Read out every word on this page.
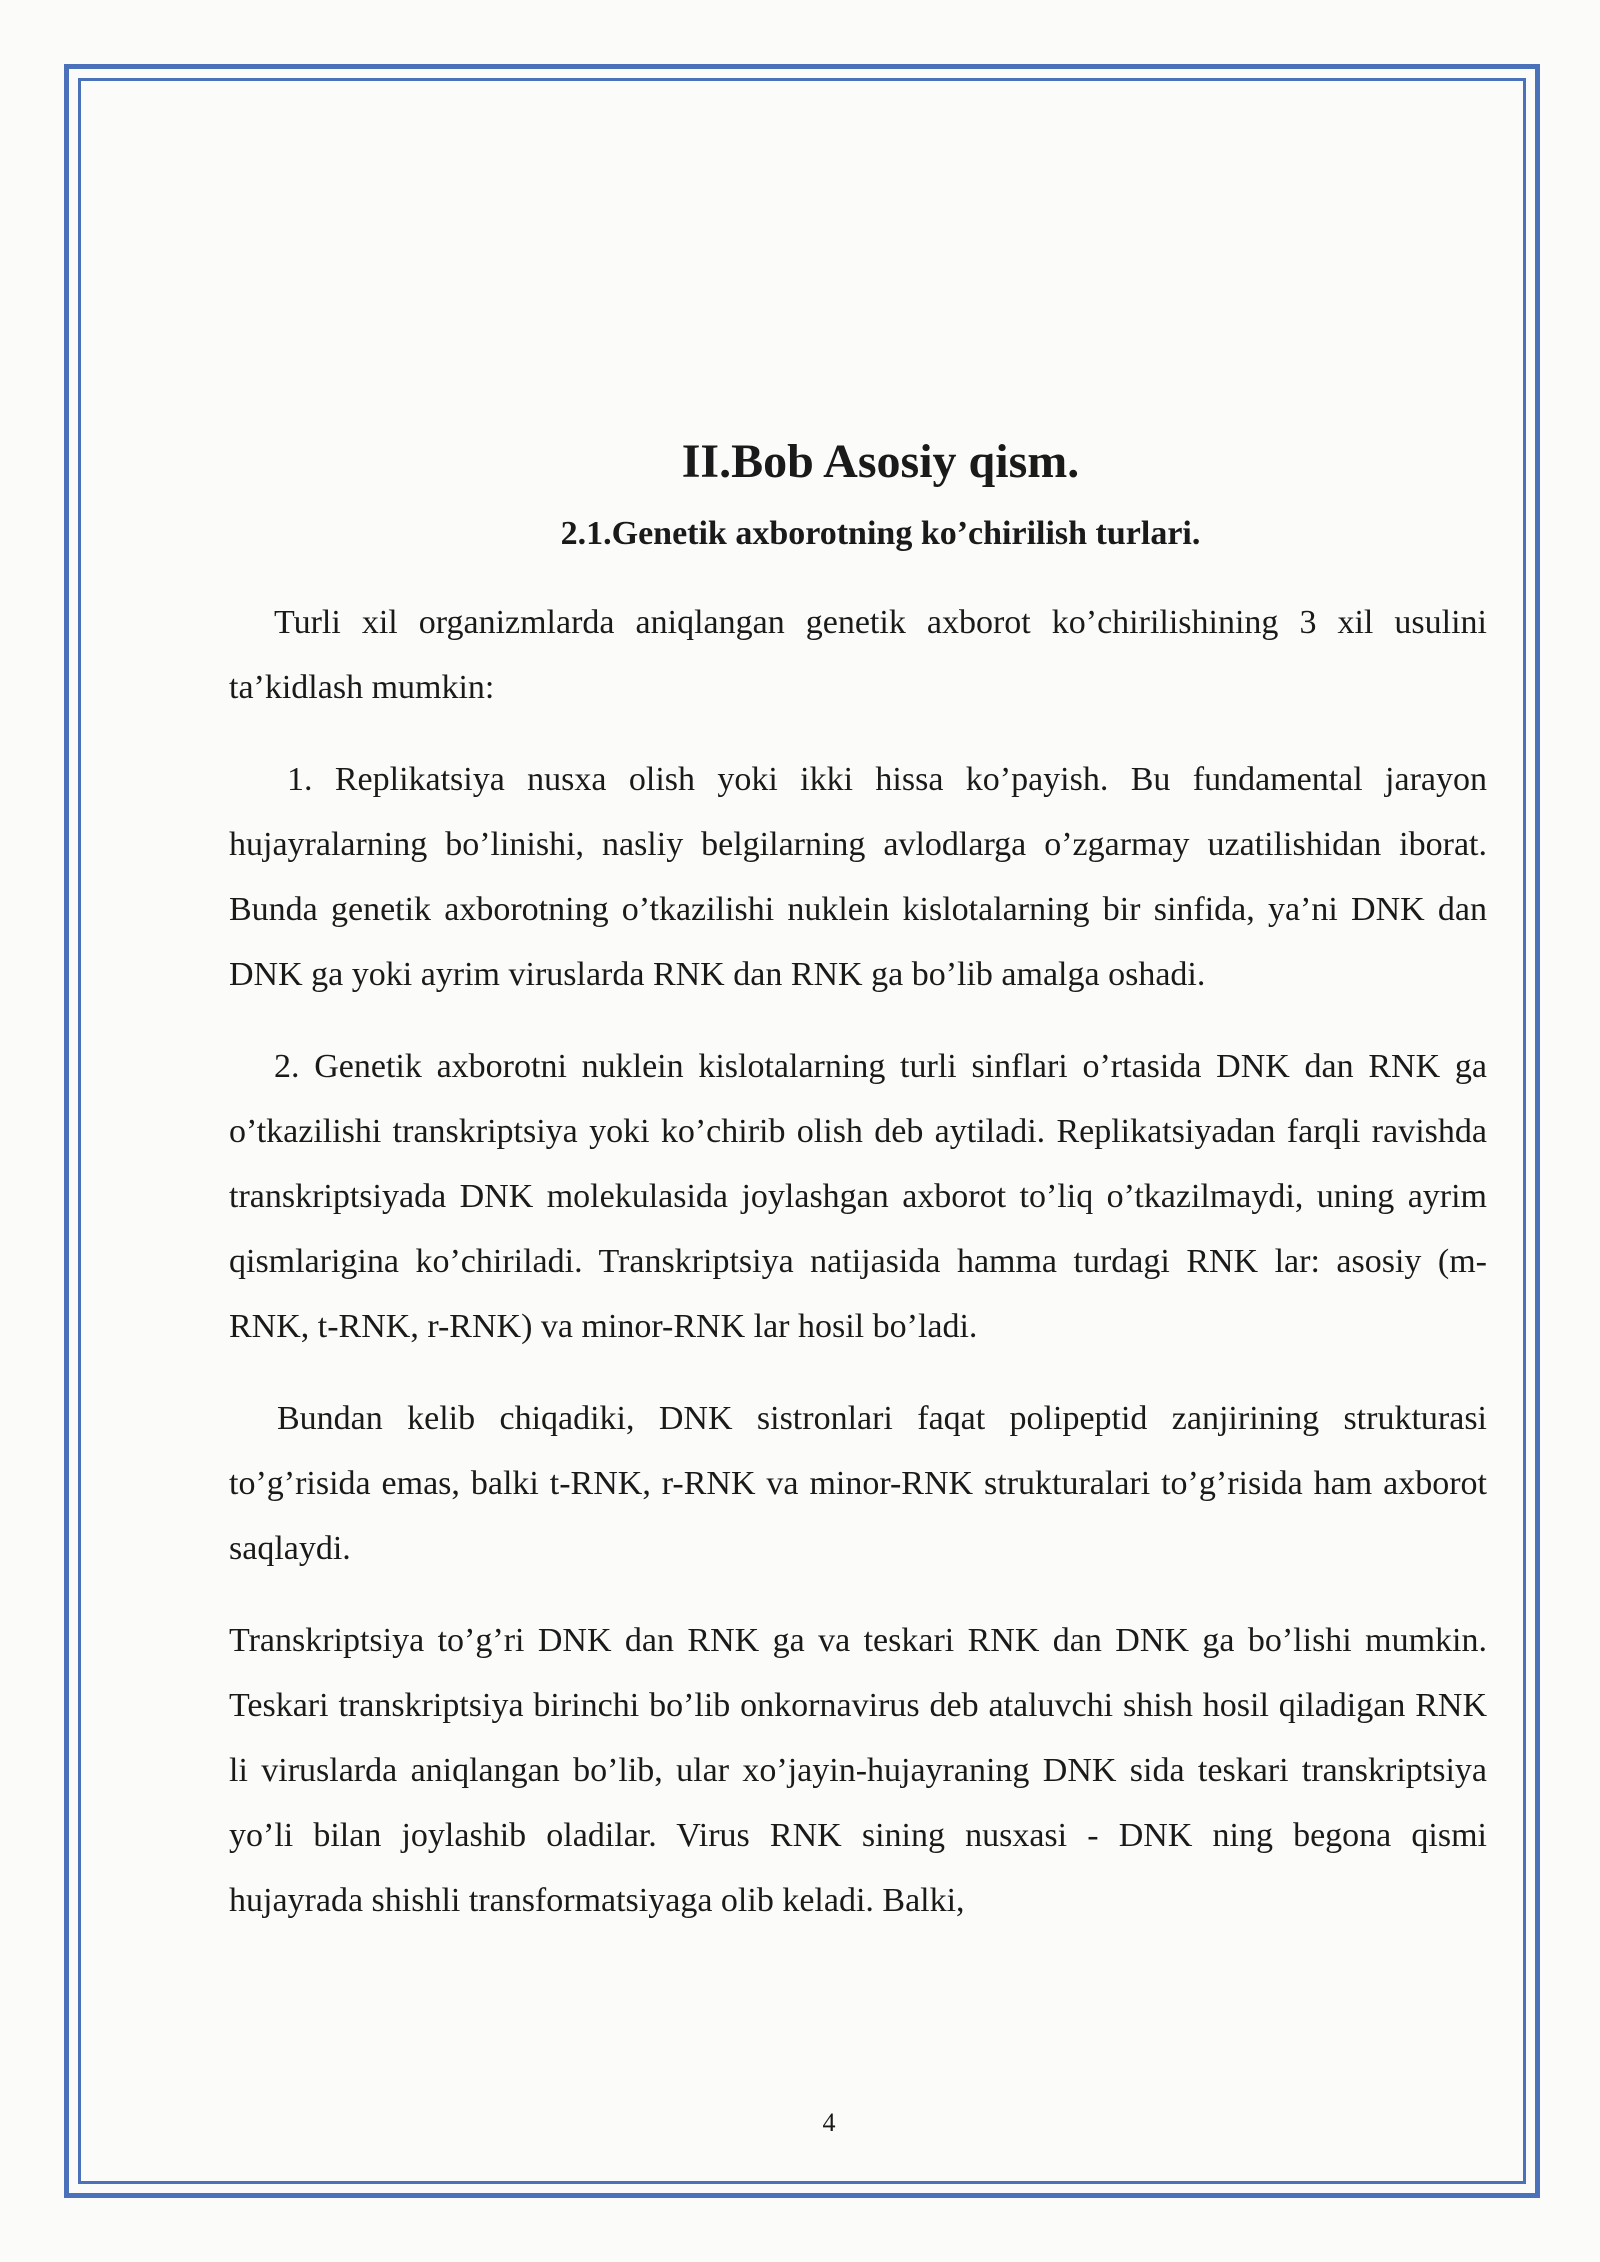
II.Bob Asosiy qism.
2.1.Genetik axborotning ko’chirilish turlari.

Turli xil organizmlarda aniqlangan genetik axborot ko’chirilishining 3 xil usulini ta’kidlash mumkin:

1. Replikatsiya nusxa olish yoki ikki hissa ko’payish. Bu fundamental jarayon hujayralarning bo’linishi, nasliy belgilarning avlodlarga o’zgarmay uzatilishidan iborat. Bunda genetik axborotning o’tkazilishi nuklein kislotalarning bir sinfida, ya’ni DNK dan DNK ga yoki ayrim viruslarda RNK dan RNK ga bo’lib amalga oshadi.

2. Genetik axborotni nuklein kislotalarning turli sinflari o’rtasida DNK dan RNK ga o’tkazilishi transkriptsiya yoki ko’chirib olish deb aytiladi. Replikatsiyadan farqli ravishda transkriptsiyada DNK molekulasida joylashgan axborot to’liq o’tkazilmaydi, uning ayrim qismlarigina ko’chiriladi. Transkriptsiya natijasida hamma turdagi RNK lar: asosiy (m-RNK, t-RNK, r-RNK) va minor-RNK lar hosil bo’ladi.

Bundan kelib chiqadiki, DNK sistronlari faqat polipeptid zanjirining strukturasi to’g’risida emas, balki t-RNK, r-RNK va minor-RNK strukturalari to’g’risida ham axborot saqlaydi.

Transkriptsiya to’g’ri DNK dan RNK ga va teskari RNK dan DNK ga bo’lishi mumkin. Teskari transkriptsiya birinchi bo’lib onkornavirus deb ataluvchi shish hosil qiladigan RNK li viruslarda aniqlangan bo’lib, ular xo’jayin-hujayraning DNK sida teskari transkriptsiya yo’li bilan joylashib oladilar. Virus RNK sining nusxasi - DNK ning begona qismi hujayrada shishli transformatsiyaga olib keladi. Balki,

4
